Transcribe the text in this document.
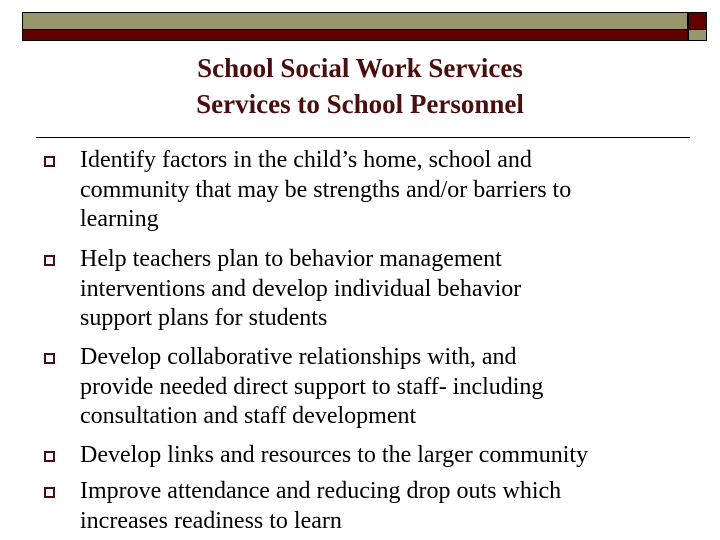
School Social Work Services
Services to School Personnel
Identify factors in the child’s home, school and
community that may be strengths and/or barriers to
learning
Help teachers plan to behavior management
interventions and develop individual behavior
support plans for students
Develop collaborative relationships with, and
provide needed direct support to staff- including
consultation and staff development
Develop links and resources to the larger community
Improve attendance and reducing drop outs which
increases readiness to learn
